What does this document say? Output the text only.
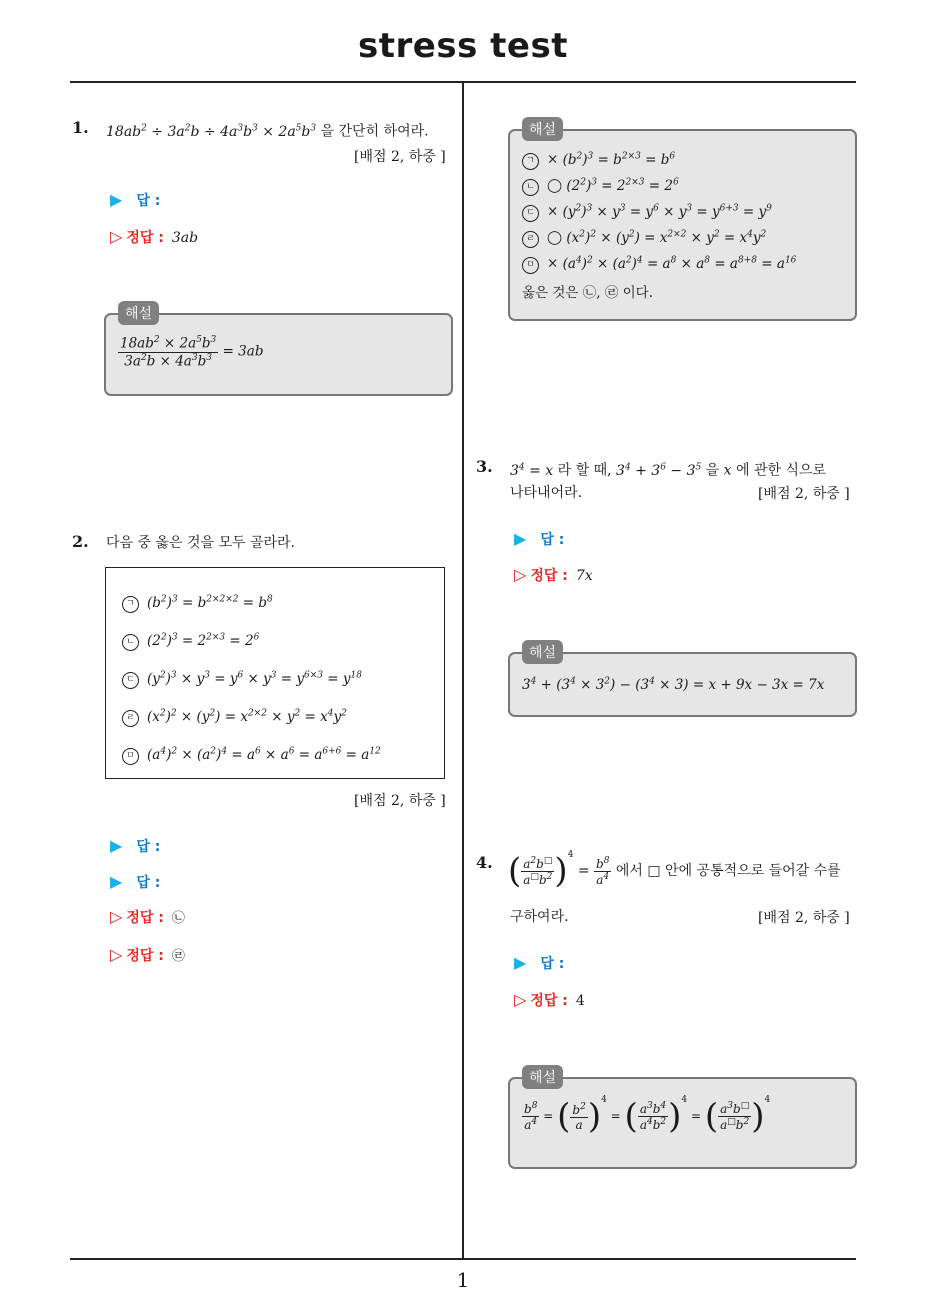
stress test
1
1. $18ab^2 \div 3a^2b \div 4a^3b^3 \times 2a^5b^3$ 을 간단히 하여라.
[배점 2, 하중 ]
▶ 답 :
▷ 정답 : 3ab
해설
$\frac{18ab^2 \times 2a^5b^3}{3a^2b \times 4a^3b^3} = 3ab$
2. 다음 중 옳은 것을 모두 골라라.
ㄱ $(b^2)^3 = b^{2\times 2\times 2} = b^8$
ㄴ $(2^2)^3 = 2^{2\times 3} = 2^6$
ㄷ $(y^2)^3 \times y^3 = y^6 \times y^3 = y^{6\times 3} = y^{18}$
ㄹ $(x^2)^2 \times (y^2) = x^{2\times 2} \times y^2 = x^4y^2$
ㅁ $(a^4)^2 \times (a^2)^4 = a^6 \times a^6 = a^{6+6} = a^{12}$
[배점 2, 하중 ]
▶ 답 :
▶ 답 :
▷ 정답 : ㉡
▷ 정답 : ㉣
해설
ㄱ × $(b^2)^3 = b^{2\times 3} = b^6$
ㄴ ◯ $(2^2)^3 = 2^{2\times 3} = 2^6$
ㄷ × $(y^2)^3 \times y^3 = y^6 \times y^3 = y^{6+3} = y^9$
ㄹ ◯ $(x^2)^2 \times (y^2) = x^{2\times 2} \times y^2 = x^4y^2$
ㅁ × $(a^4)^2 \times (a^2)^4 = a^8 \times a^8 = a^{8+8} = a^{16}$
옳은 것은 ㉡, ㉣ 이다.
3. $3^4 = x$ 라 할 때, $3^4 + 3^6 - 3^5$ 을 x 에 관한 식으로
나타내어라.	[배점 2, 하중 ]
▶ 답 :
▷ 정답 : 7x
해설
$3^4 + (3^4 \times 3^2) - (3^4 \times 3) = x + 9x - 3x = 7x$
4. ( $\frac{a^2b^□}{a^□b^2} )^4 = \frac{b^8}{a^4}$ 에서 □ 안에 공통적으로 들어갈 수를
구하여라.	[배점 2, 하중 ]
▶ 답 :
▷ 정답 : 4
해설
$\frac{b^8}{a^4}$ = ( $\frac{b^2}{a} )^4$ = ( $\frac{a^3b^4}{a^4b^2} )^4$ = ( $\frac{a^3b^□}{a^□b^2} )^4$
